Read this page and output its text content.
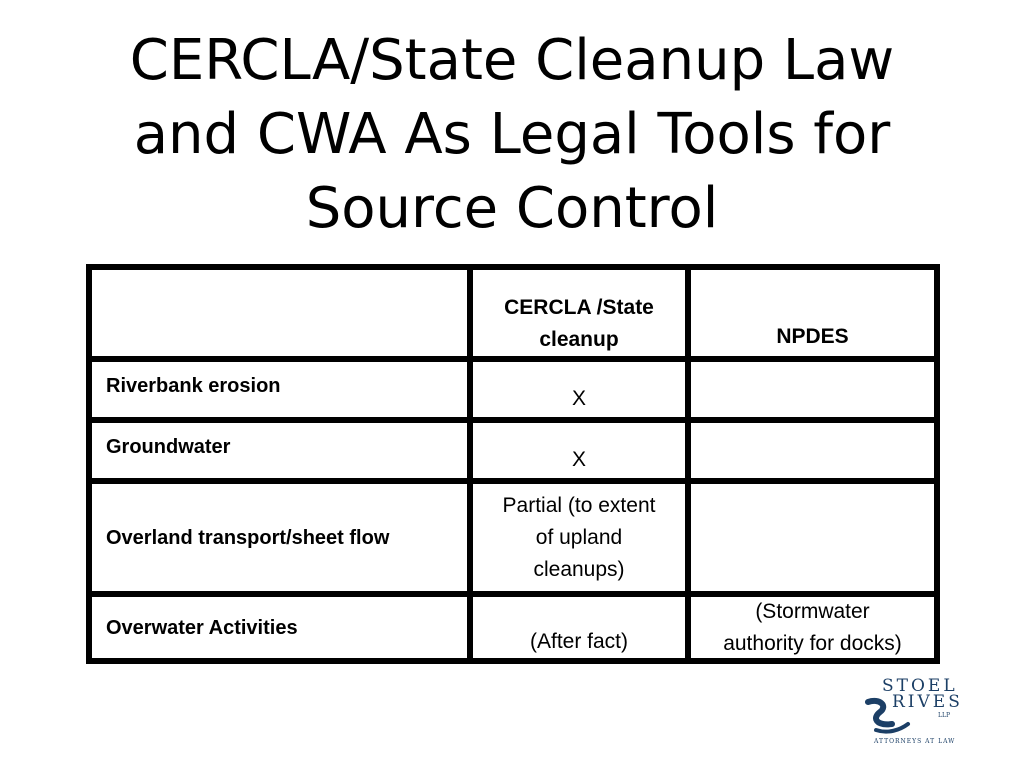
CERCLA/State Cleanup Law
and CWA As Legal Tools for
Source Control
CERCLA /State
cleanup	NPDES
Riverbank erosion
X
Groundwater
X
Overland transport/sheet flow
Partial (to extent
of upland
cleanups)
Overwater Activities
(After fact)
(Stormwater
authority for docks)
STOEL
RIVES
LLP
ATTORNEYS AT LAW
